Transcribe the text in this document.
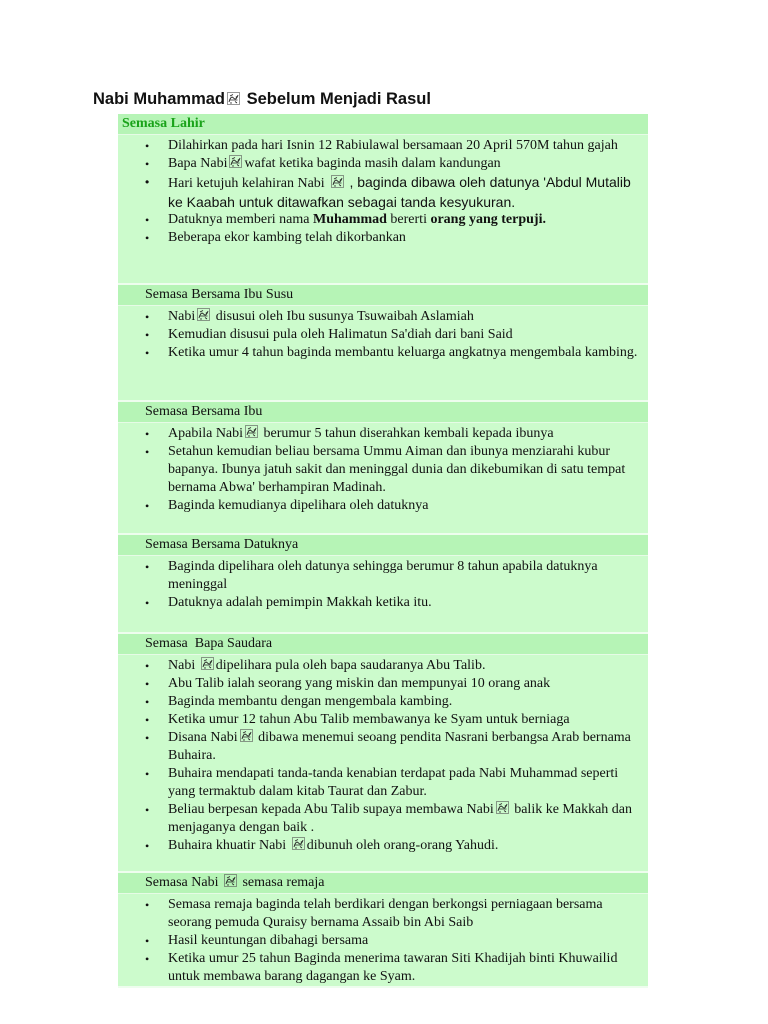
Nabi Muhammad Sebelum Menjadi Rasul
Semasa Lahir
• Dilahirkan pada hari Isnin 12 Rabiulawal bersamaan 20 April 570M tahun gajah
• Bapa Nabi wafat ketika baginda masih dalam kandungan
• Hari ketujuh kelahiran Nabi , baginda dibawa oleh datunya 'Abdul Mutalib ke Kaabah untuk ditawafkan sebagai tanda kesyukuran.
• Datuknya memberi nama Muhammad bererti orang yang terpuji.
• Beberapa ekor kambing telah dikorbankan
Semasa Bersama Ibu Susu
• Nabi disusui oleh Ibu susunya Tsuwaibah Aslamiah
• Kemudian disusui pula oleh Halimatun Sa'diah dari bani Said
• Ketika umur 4 tahun baginda membantu keluarga angkatnya mengembala kambing.
Semasa Bersama Ibu
• Apabila Nabi berumur 5 tahun diserahkan kembali kepada ibunya
• Setahun kemudian beliau bersama Ummu Aiman dan ibunya menziarahi kubur bapanya. Ibunya jatuh sakit dan meninggal dunia dan dikebumikan di satu tempat bernama Abwa' berhampiran Madinah.
• Baginda kemudianya dipelihara oleh datuknya
Semasa Bersama Datuknya
• Baginda dipelihara oleh datunya sehingga berumur 8 tahun apabila datuknya meninggal
• Datuknya adalah pemimpin Makkah ketika itu.
Semasa  Bapa Saudara
• Nabi dipelihara pula oleh bapa saudaranya Abu Talib.
• Abu Talib ialah seorang yang miskin dan mempunyai 10 orang anak
• Baginda membantu dengan mengembala kambing.
• Ketika umur 12 tahun Abu Talib membawanya ke Syam untuk berniaga
• Disana Nabi dibawa menemui seoang pendita Nasrani berbangsa Arab bernama Buhaira.
• Buhaira mendapati tanda-tanda kenabian terdapat pada Nabi Muhammad seperti yang termaktub dalam kitab Taurat dan Zabur.
• Beliau berpesan kepada Abu Talib supaya membawa Nabi balik ke Makkah dan menjaganya dengan baik .
• Buhaira khuatir Nabi dibunuh oleh orang-orang Yahudi.
Semasa Nabi semasa remaja
• Semasa remaja baginda telah berdikari dengan berkongsi perniagaan bersama seorang pemuda Quraisy bernama Assaib bin Abi Saib
• Hasil keuntungan dibahagi bersama
• Ketika umur 25 tahun Baginda menerima tawaran Siti Khadijah binti Khuwailid untuk membawa barang dagangan ke Syam.
